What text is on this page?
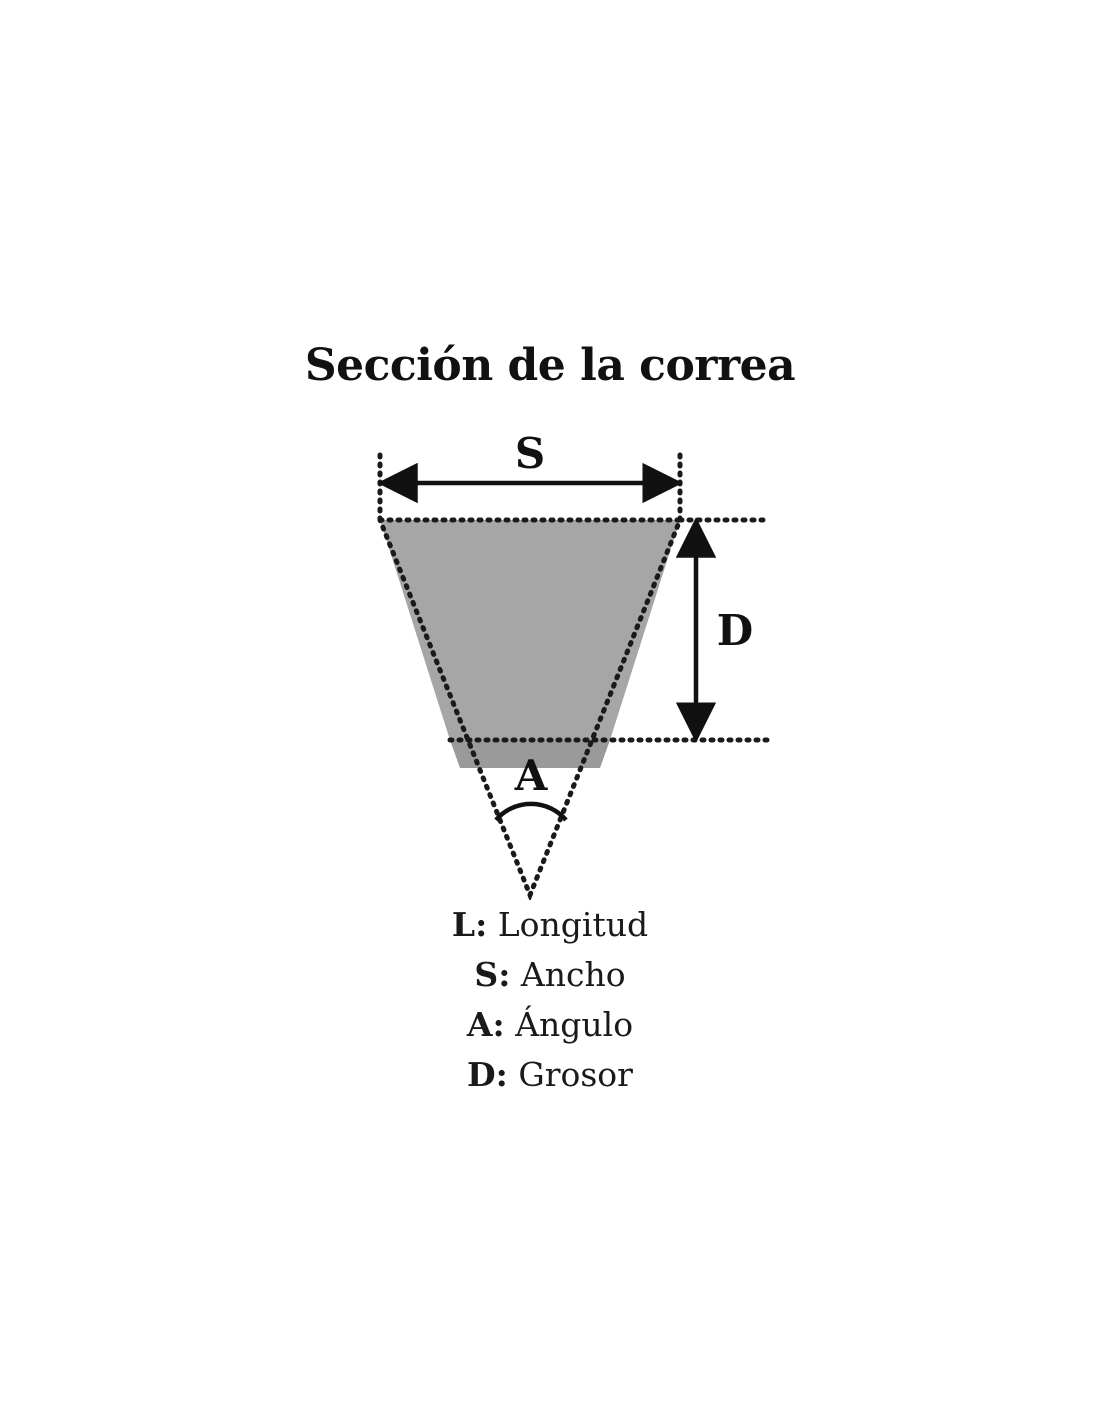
Sección de la correa
S
D
A
L: Longitud
S: Ancho
A: Ángulo
D: Grosor
